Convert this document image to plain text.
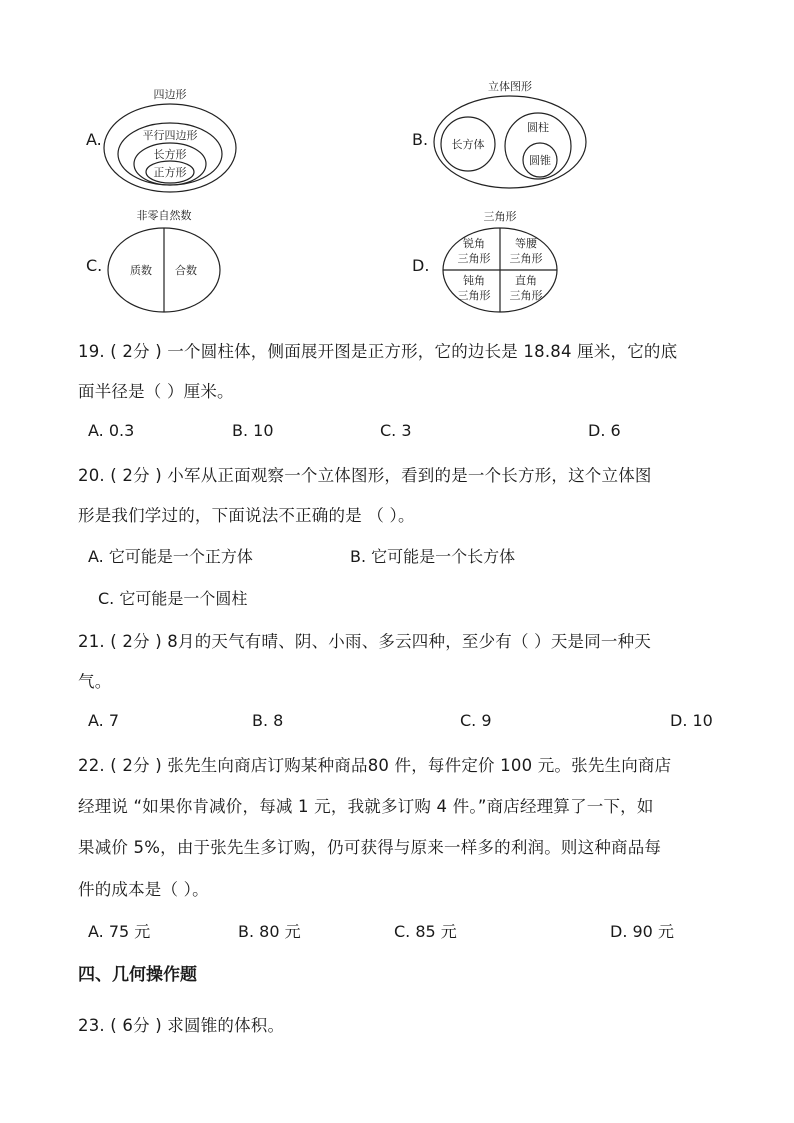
A.	B.
C.	D.
四边形
平行四边形
长方形
正方形
立体图形
长方体
圆柱
圆锥
非零自然数
质数 合数
三角形
锐角
三角形
等腰
三角形
钝角
三角形
直角
三角形
19. ( 2分 ) 一个圆柱体，侧面展开图是正方形，它的边长是 18.84 厘米，它的底
面半径是（ ）厘米。
A. 0.3	B. 10	C. 3	D. 6
20. ( 2分 ) 小军从正面观察一个立体图形，看到的是一个长方形，这个立体图
形是我们学过的，下面说法不正确的是 （ ）。
A. 它可能是一个正方体	B. 它可能是一个长方体
C. 它可能是一个圆柱
21. ( 2分 ) 8月的天气有晴、阴、小雨、多云四种，至少有（ ）天是同一种天
气。
A. 7	B. 8	C. 9	D. 10
22. ( 2分 ) 张先生向商店订购某种商品80 件，每件定价 100 元。张先生向商店
经理说 “如果你肯减价，每减 1 元，我就多订购 4 件。”商店经理算了一下，如
果减价 5%，由于张先生多订购，仍可获得与原来一样多的利润。则这种商品每
件的成本是（ ）。
A. 75 元	B. 80 元	C. 85 元	D. 90 元
四、几何操作题
23. ( 6分 ) 求圆锥的体积。
